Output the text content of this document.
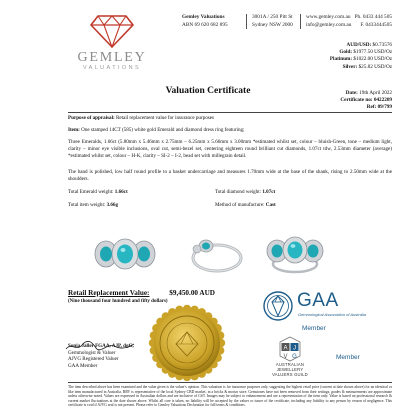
GEMLEY
VALUATIONS
Gemley Valuations
ABN 69 620 682 895
3001A / 250 Pitt St
Sydney NSW 2000
www.gemley.com.au
info@gemley.com.au
Ph. 0433 444 505
F. 0433444505
AUD/USD: $0.73576
Gold: $1977.50 USD/Oz
Platinum: $1022.00 USD/Oz
Silver: $25.82 USD/Oz
Valuation Certificate	Date: 19th April 2022
Certificate no: 0422209
Ref: 09/799
Purpose of appraisal: Retail replacement value for insurance purposes
Item: One stamped 14CT (585) white gold Emerald and diamond dress ring featuring;
Three Emeralds, 1.66ct (5.80mm x 5.46mm x 2.75mm – 6.25mm x 5.66mm x 3.00mm *estimated whilst set, colour – bluish-Green, tone – medium light, clarity – minor eye visible inclusions, oval cut, semi-bezel set, centering eighteen round brilliant cut diamonds, 1.07ct tdw, 2.53mm diameter (average) *estimated whilst set, colour – H-K, clarity – SI-2 – I-2, bead set with millegrain detail.
The band is polished, low half round profile to a basket undercarriage and measures 1.70mm wide at the base of the shank, rising to 2.50mm wide at the shoulders.
Total Emerald weight: 1.66ct	Total diamond weight: 1.07ct
Total item weight: 3.66g	Method of manufacture: Cast
Retail Replacement Value:	$9,450.00 AUD
(Nine thousand four hundred and fifty dollars)	GAA
Gemmological Association of Australia
Member
A J
V G
AUSTRALIAN JEWELLERY
VALUERS GUILD
Member
Sonia Jaller FGAA, AJP, dgG,
Gemmologist & Valuer
AJVG Registered Valuer
GAA Member
The item described above has been examined and the value given is the valuer's opinion. This valuation is for insurance purposes only, suggesting the highest retail price (current at date shown above) for an identical or like item manufactured in Australia. RRV is representative of the local Sydney CBD market, in a bricks & mortar store. Gemstones have not been removed from their settings, grades & measurements are approximate unless otherwise noted. Values are expressed in Australian dollars and are inclusive of GST. Images may be subject to enhancement and are a representation of the item only. Value is based on professional research & current market fluctuations at the date shown above. Whilst all care is taken, no liability will be accepted by the valuer or issuer of the certificate, including any liability to any person by reason of negligence. This certificate is void if AJVG seal is not present. Please refer to Gemley Valuations Declaration for full terms & conditions.
